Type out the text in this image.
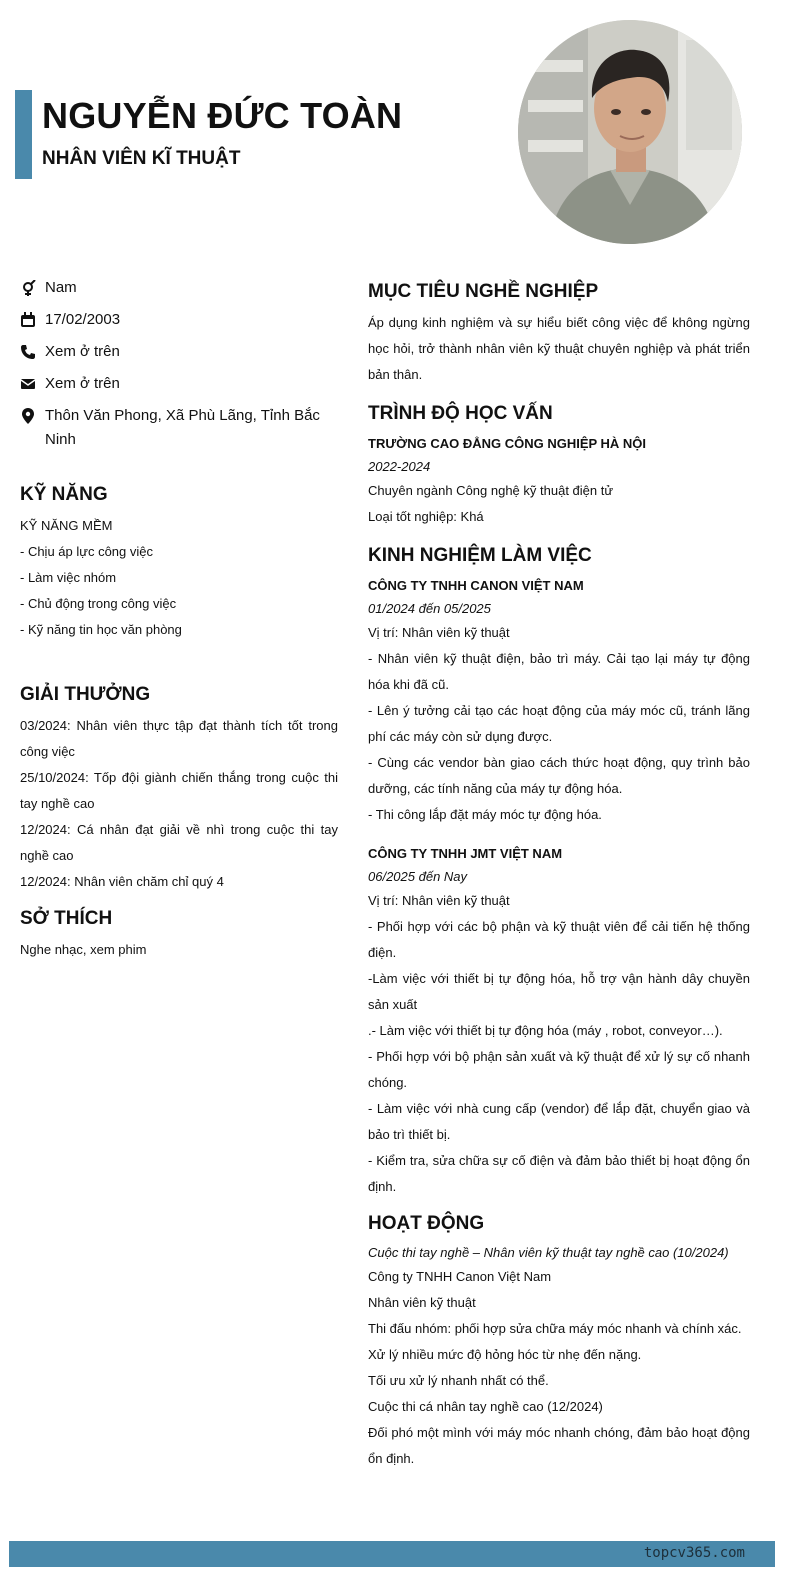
NGUYỄN ĐỨC TOÀN
NHÂN VIÊN KĨ THUẬT
Nam
17/02/2003
Xem ở trên
Xem ở trên
Thôn Văn Phong, Xã Phù Lãng, Tỉnh Bắc Ninh
KỸ NĂNG
KỸ NĂNG MỀM
- Chịu áp lực công việc
- Làm việc nhóm
- Chủ động trong công việc
- Kỹ năng tin học văn phòng
GIẢI THƯỞNG
03/2024: Nhân viên thực tập đạt thành tích tốt trong công việc
25/10/2024: Tốp đội giành chiến thắng trong cuộc thi tay nghề cao
12/2024: Cá nhân đạt giải về nhì trong cuộc thi tay nghề cao
12/2024: Nhân viên chăm chỉ quý 4
SỞ THÍCH
Nghe nhạc, xem phim
MỤC TIÊU NGHỀ NGHIỆP
Áp dụng kinh nghiệm và sự hiểu biết công việc để không ngừng học hỏi, trở thành nhân viên kỹ thuật chuyên nghiệp và phát triển bản thân.
TRÌNH ĐỘ HỌC VẤN
TRƯỜNG CAO ĐẲNG CÔNG NGHIỆP HÀ NỘI
2022-2024
Chuyên ngành Công nghệ kỹ thuật điện tử
Loại tốt nghiệp: Khá
KINH NGHIỆM LÀM VIỆC
CÔNG TY TNHH CANON VIỆT NAM
01/2024 đến 05/2025
Vị trí: Nhân viên kỹ thuật
- Nhân viên kỹ thuật điện, bảo trì máy. Cải tạo lại máy tự động hóa khi đã cũ.
- Lên ý tưởng cải tạo các hoạt động của máy móc cũ, tránh lãng phí các máy còn sử dụng được.
- Cùng các vendor bàn giao cách thức hoạt động, quy trình bảo dưỡng, các tính năng của máy tự động hóa.
- Thi công lắp đặt máy móc tự động hóa.
CÔNG TY TNHH JMT VIỆT NAM
06/2025 đến Nay
Vị trí: Nhân viên kỹ thuật
- Phối hợp với các bộ phận và kỹ thuật viên để cải tiến hệ thống điện.
-Làm việc với thiết bị tự động hóa, hỗ trợ vận hành dây chuyền sản xuất
.- Làm việc với thiết bị tự động hóa (máy , robot, conveyor…).
- Phối hợp với bộ phận sản xuất và kỹ thuật để xử lý sự cố nhanh chóng.
- Làm việc với nhà cung cấp (vendor) để lắp đặt, chuyển giao và bảo trì thiết bị.
- Kiểm tra, sửa chữa sự cố điện và đảm bảo thiết bị hoạt động ổn định.
HOẠT ĐỘNG
Cuộc thi tay nghề – Nhân viên kỹ thuật tay nghề cao (10/2024)
Công ty TNHH Canon Việt Nam
Nhân viên kỹ thuật
Thi đấu nhóm: phối hợp sửa chữa máy móc nhanh và chính xác.
Xử lý nhiều mức độ hỏng hóc từ nhẹ đến nặng.
Tối ưu xử lý nhanh nhất có thể.
Cuộc thi cá nhân tay nghề cao (12/2024)
Đối phó một mình với máy móc nhanh chóng, đảm bảo hoạt động ổn định.
topcv365.com
